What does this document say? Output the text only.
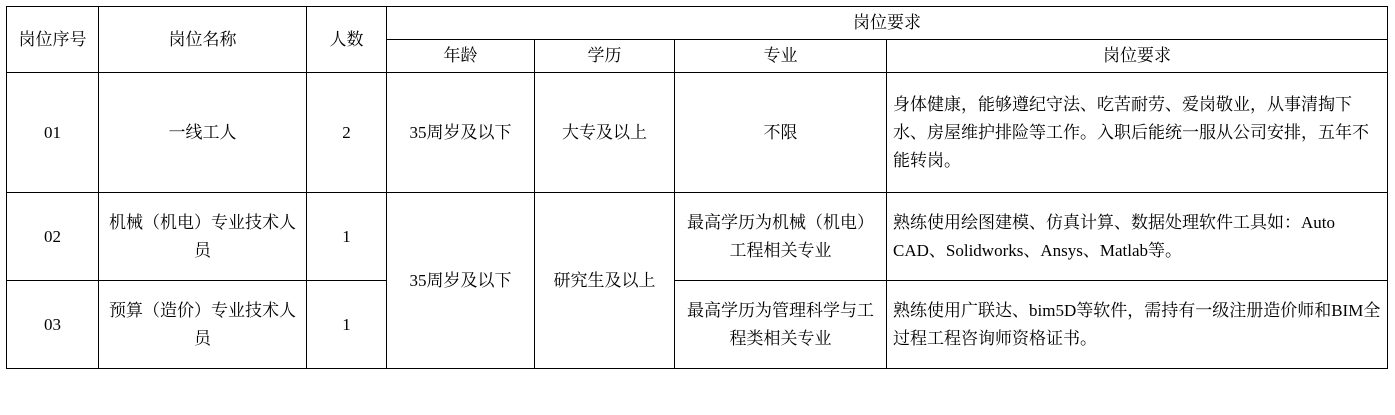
岗位序号	岗位名称	人数	岗位要求			
			年龄	学历	专业	岗位要求
01	一线工人	2	35周岁及以下	大专及以上	不限	身体健康，能够遵纪守法、吃苦耐劳、爱岗敬业，从事清掏下水、房屋维护排险等工作。入职后能统一服从公司安排，五年不能转岗。
02	机械（机电）专业技术人员	1	35周岁及以下	研究生及以上	最高学历为机械（机电）工程相关专业	熟练使用绘图建模、仿真计算、数据处理软件工具如：Auto CAD、Solidworks、Ansys、Matlab等。
03	预算（造价）专业技术人员	1			最高学历为管理科学与工程类相关专业	熟练使用广联达、bim5D等软件，需持有一级注册造价师和BIM全过程工程咨询师资格证书。
